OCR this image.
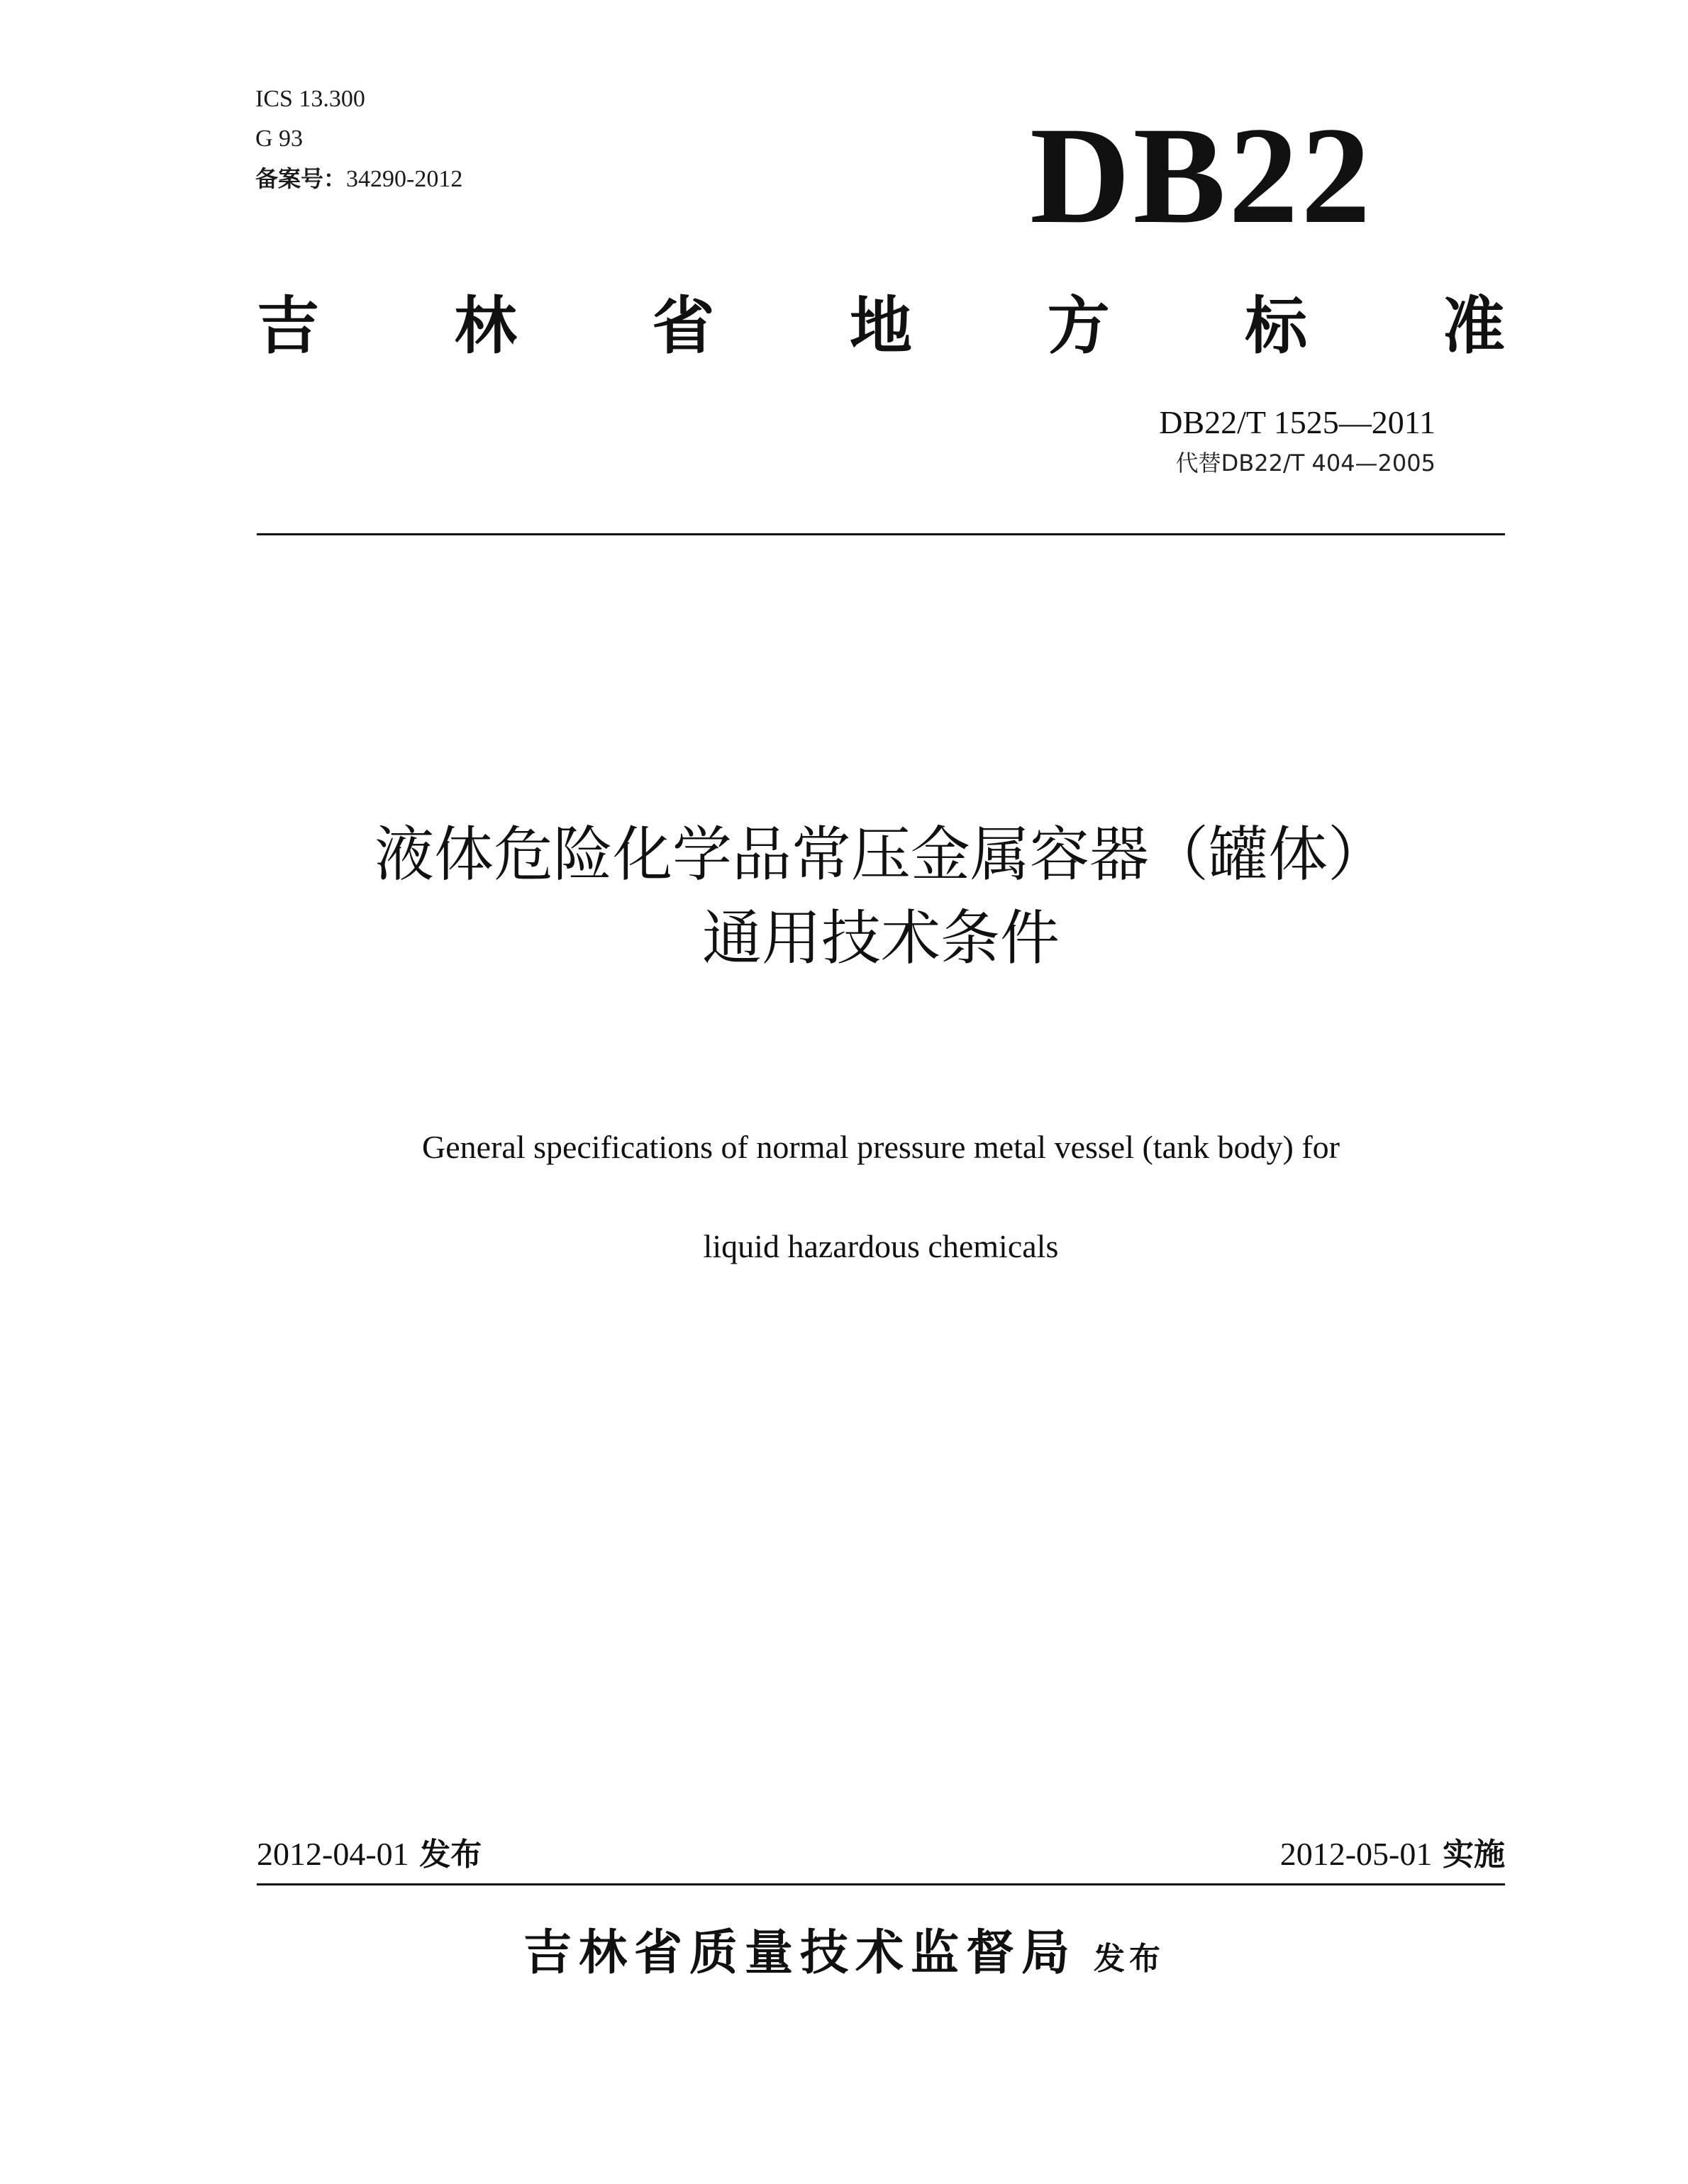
ICS 13.300
G 93
备案号：34290-2012	DB22
吉 林 省 地 方 标 准
DB22/T 1525—2011
代替DB22/T 404—2005
液体危险化学品常压金属容器（罐体）
通用技术条件
General specifications of normal pressure metal vessel (tank body) for
liquid hazardous chemicals
2012-04-01 发布	2012-05-01 实施
吉林省质量技术监督局 发布
